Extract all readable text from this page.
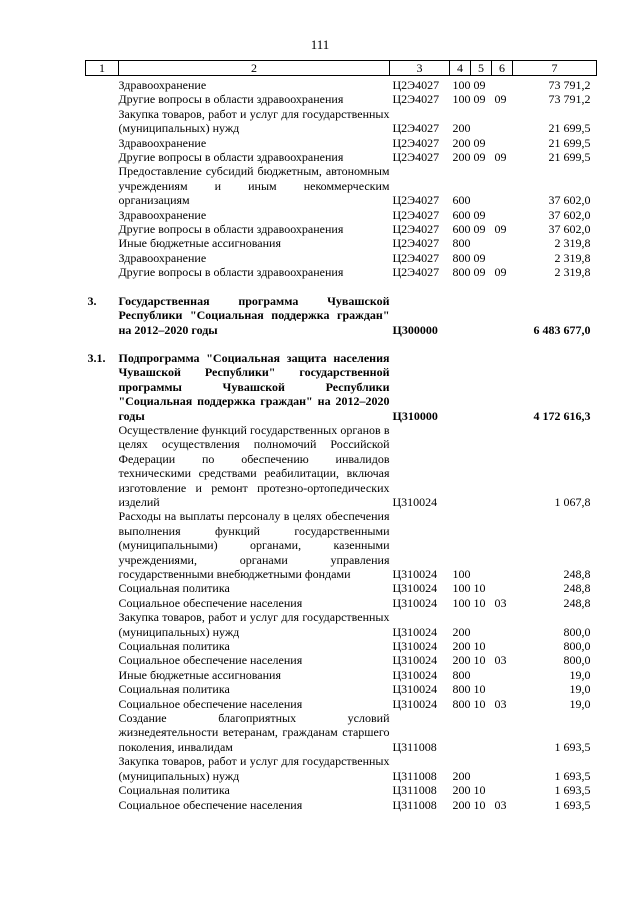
111
1	2	3	4	5	6	7
	Здравоохранение	Ц2Э4027	100	09		73 791,2
	Другие вопросы в области здравоохранения	Ц2Э4027	100	09	09	73 791,2
	Закупка товаров, работ и услуг для государственных (муниципальных) нужд	Ц2Э4027	200			21 699,5
	Здравоохранение	Ц2Э4027	200	09		21 699,5
	Другие вопросы в области здравоохранения	Ц2Э4027	200	09	09	21 699,5
	Предоставление субсидий бюджетным, автономным учреждениям и иным некоммерческим организациям	Ц2Э4027	600			37 602,0
	Здравоохранение	Ц2Э4027	600	09		37 602,0
	Другие вопросы в области здравоохранения	Ц2Э4027	600	09	09	37 602,0
	Иные бюджетные ассигнования	Ц2Э4027	800			2 319,8
	Здравоохранение	Ц2Э4027	800	09		2 319,8
	Другие вопросы в области здравоохранения	Ц2Э4027	800	09	09	2 319,8

3.	Государственная программа Чувашской Республики "Социальная поддержка граждан" на 2012–2020 годы	Ц300000				6 483 677,0

3.1.	Подпрограмма "Социальная защита населения Чувашской Республики" государственной программы Чувашской Республики "Социальная поддержка граждан" на 2012–2020 годы	Ц310000				4 172 616,3
	Осуществление функций государственных органов в целях осуществления полномочий Российской Федерации по обеспечению инвалидов техническими средствами реабилитации, включая изготовление и ремонт протезно-ортопедических изделий	Ц310024				1 067,8
	Расходы на выплаты персоналу в целях обеспечения выполнения функций государственными (муниципальными) органами, казенными учреждениями, органами управления государственными внебюджетными фондами	Ц310024	100			248,8
	Социальная политика	Ц310024	100	10		248,8
	Социальное обеспечение населения	Ц310024	100	10	03	248,8
	Закупка товаров, работ и услуг для государственных (муниципальных) нужд	Ц310024	200			800,0
	Социальная политика	Ц310024	200	10		800,0
	Социальное обеспечение населения	Ц310024	200	10	03	800,0
	Иные бюджетные ассигнования	Ц310024	800			19,0
	Социальная политика	Ц310024	800	10		19,0
	Социальное обеспечение населения	Ц310024	800	10	03	19,0
	Создание благоприятных условий жизнедеятельности ветеранам, гражданам старшего поколения, инвалидам	Ц311008				1 693,5
	Закупка товаров, работ и услуг для государственных (муниципальных) нужд	Ц311008	200			1 693,5
	Социальная политика	Ц311008	200	10		1 693,5
	Социальное обеспечение населения	Ц311008	200	10	03	1 693,5
